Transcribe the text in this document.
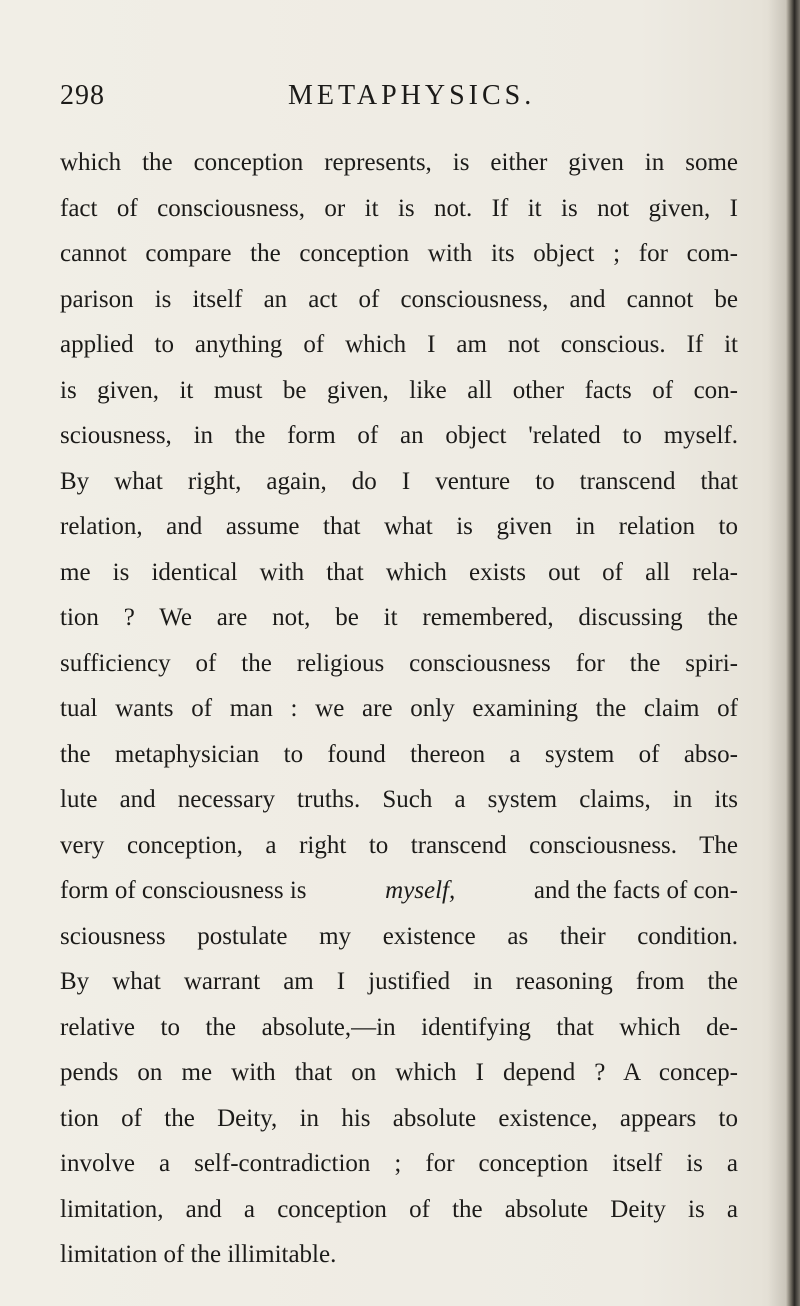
298	METAPHYSICS.
which the conception represents, is either given in some
fact of consciousness, or it is not. If it is not given, I
cannot compare the conception with its object ; for com-
parison is itself an act of consciousness, and cannot be
applied to anything of which I am not conscious. If it
is given, it must be given, like all other facts of con-
sciousness, in the form of an object 'related to myself.
By what right, again, do I venture to transcend that
relation, and assume that what is given in relation to
me is identical with that which exists out of all rela-
tion ? We are not, be it remembered, discussing the
sufficiency of the religious consciousness for the spiri-
tual wants of man : we are only examining the claim of
the metaphysician to found thereon a system of abso-
lute and necessary truths. Such a system claims, in its
very conception, a right to transcend consciousness. The
form of consciousness is	myself,	and the facts of con-
sciousness postulate my existence as their condition.
By what warrant am I justified in reasoning from the
relative to the absolute,—in identifying that which de-
pends on me with that on which I depend ? A concep-
tion of the Deity, in his absolute existence, appears to
involve a self-contradiction ; for conception itself is a
limitation, and a conception of the absolute Deity is a
limitation of the illimitable.
